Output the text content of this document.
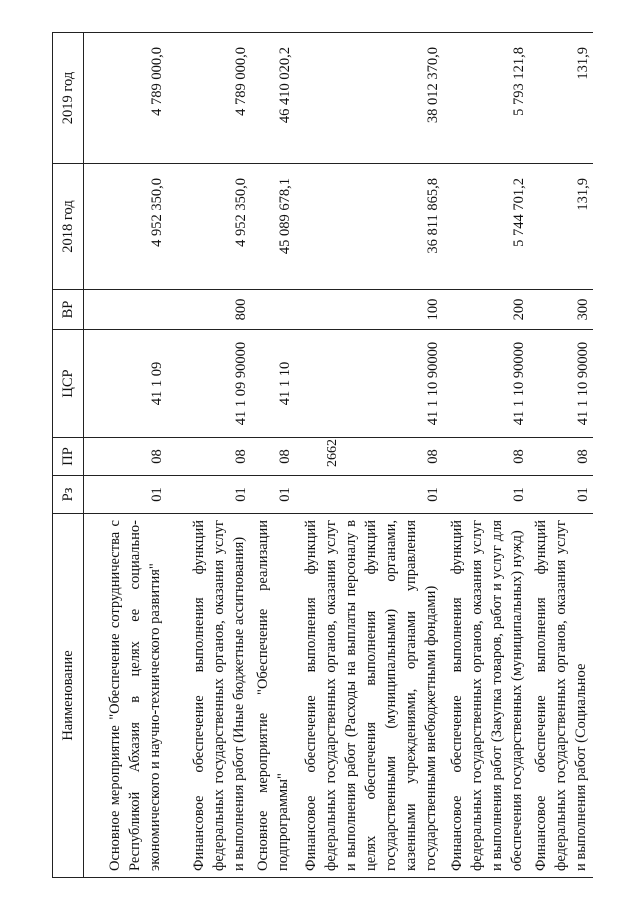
2662
Наименование	Рз	ПР	ЦСР	ВР	2018 год	2019 год
Основное мероприятие "Обеспечение сотрудничества с Республикой Абхазия в целях ее социально-экономического и научно-технического развития"	01	08	41 1 09		4 952 350,0	4 789 000,0
Финансовое обеспечение выполнения функций федеральных государственных органов, оказания услуг и выполнения работ (Иные бюджетные ассигнования)	01	08	41 1 09 90000	800	4 952 350,0	4 789 000,0
Основное мероприятие "Обеспечение реализации подпрограммы"	01	08	41 1 10		45 089 678,1	46 410 020,2
Финансовое обеспечение выполнения функций федеральных государственных органов, оказания услуг и выполнения работ (Расходы на выплаты персоналу в целях обеспечения выполнения функций государственными (муниципальными) органами, казенными учреждениями, органами управления государственными внебюджетными фондами)	01	08	41 1 10 90000	100	36 811 865,8	38 012 370,0
Финансовое обеспечение выполнения функций федеральных государственных органов, оказания услуг и выполнения работ (Закупка товаров, работ и услуг для обеспечения государственных (муниципальных) нужд)	01	08	41 1 10 90000	200	5 744 701,2	5 793 121,8
Финансовое обеспечение выполнения функций федеральных государственных органов, оказания услуг и выполнения работ (Социальное	01	08	41 1 10 90000	300	131,9	131,9
